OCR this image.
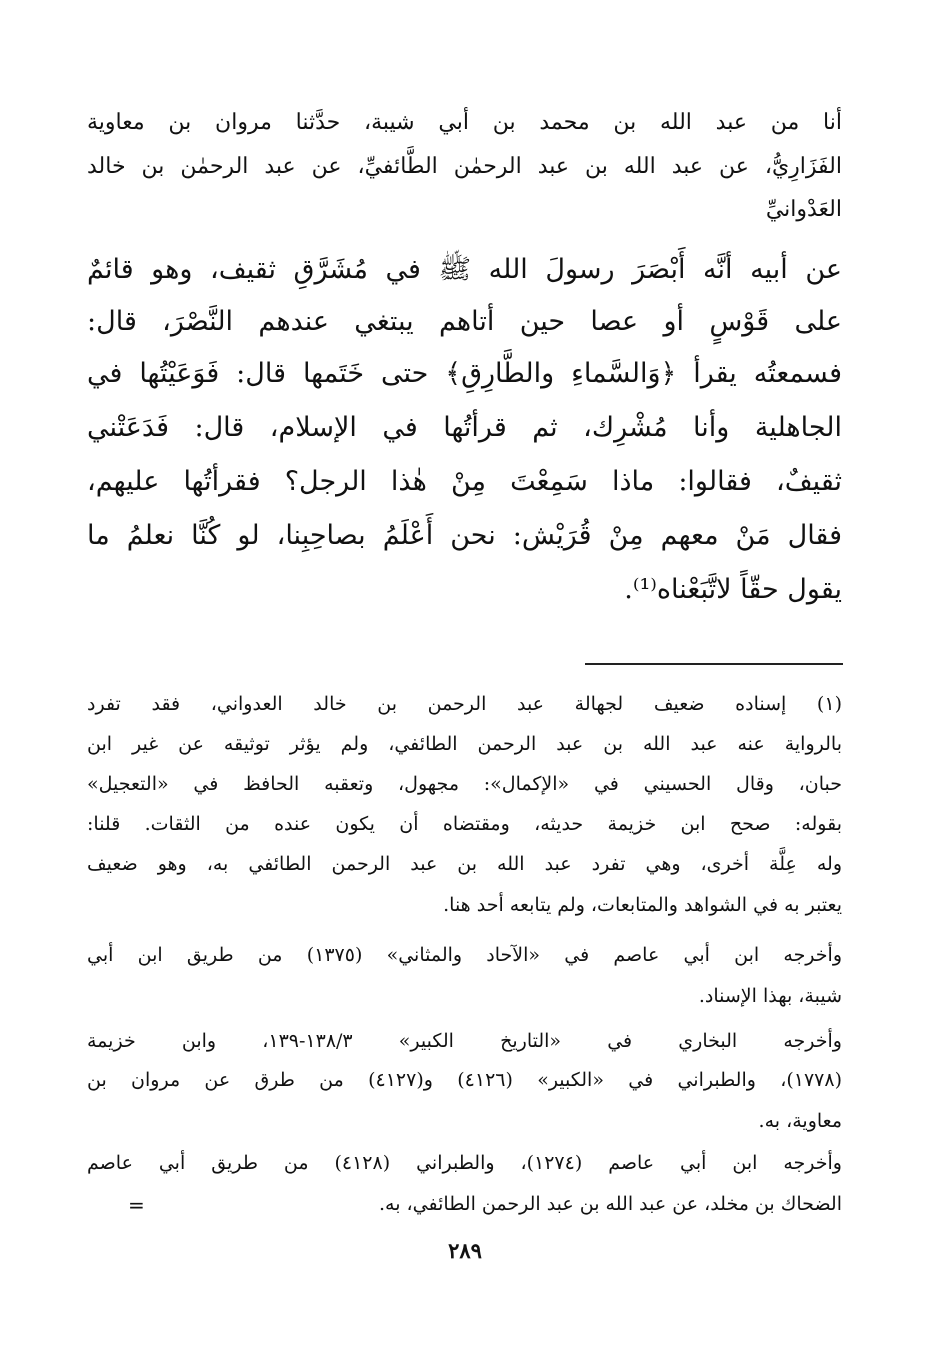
أنا من عبد الله بن محمد بن أبي شيبة، حدَّثنا مروان بن معاوية
الفَزَارِيُّ، عن عبد الله بن عبد الرحمٰن الطَّائفيِّ، عن عبد الرحمٰن بن خالد
العَدْوانيِّ
عن أبيه أنَّه أَبْصَرَ رسولَ الله ﷺ في مُشَرَّقِ ثقيف، وهو قائمٌ
على قَوْسٍ أو عصا حين أتاهم يبتغي عندهم النَّصْرَ، قال:
فسمعتُه يقرأ ﴿وَالسَّماءِ والطَّارِقِ﴾ حتى خَتَمها قال: فَوَعَيْتُها في
الجاهلية وأنا مُشْرِك، ثم قرأتُها في الإسلام، قال: فَدَعَتْني
ثقيفٌ، فقالوا: ماذا سَمِعْتَ مِنْ هٰذا الرجل؟ فقرأتُها عليهم،
فقال مَنْ معهم مِنْ قُرَيْش: نحن أَعْلَمُ بصاحِبِنا، لو كُنَّا نعلمُ ما
يقول حقّاً لاتَّبَعْناه⁽¹⁾.
(١) إسناده ضعيف لجهالة عبد الرحمن بن خالد العدواني، فقد تفرد
بالرواية عنه عبد الله بن عبد الرحمن الطائفي، ولم يؤثر توثيقه عن غير ابن
حبان، وقال الحسيني في «الإكمال»: مجهول، وتعقبه الحافظ في «التعجيل»
بقوله: صحح ابن خزيمة حديثه، ومقتضاه أن يكون عنده من الثقات. قلنا:
وله عِلَّة أخرى، وهي تفرد عبد الله بن عبد الرحمن الطائفي به، وهو ضعيف
يعتبر به في الشواهد والمتابعات، ولم يتابعه أحد هنا.
وأخرجه ابن أبي عاصم في «الآحاد والمثاني» (١٣٧٥) من طريق ابن أبي
شيبة، بهذا الإسناد.
وأخرجه البخاري في «التاريخ الكبير» ١٣٨/٣-١٣٩، وابن خزيمة
(١٧٧٨)، والطبراني في «الكبير» (٤١٢٦) و(٤١٢٧) من طرق عن مروان بن
معاوية، به.
وأخرجه ابن أبي عاصم (١٢٧٤)، والطبراني (٤١٢٨) من طريق أبي عاصم
الضحاك بن مخلد، عن عبد الله بن عبد الرحمن الطائفي، به.
=
٢٨٩
